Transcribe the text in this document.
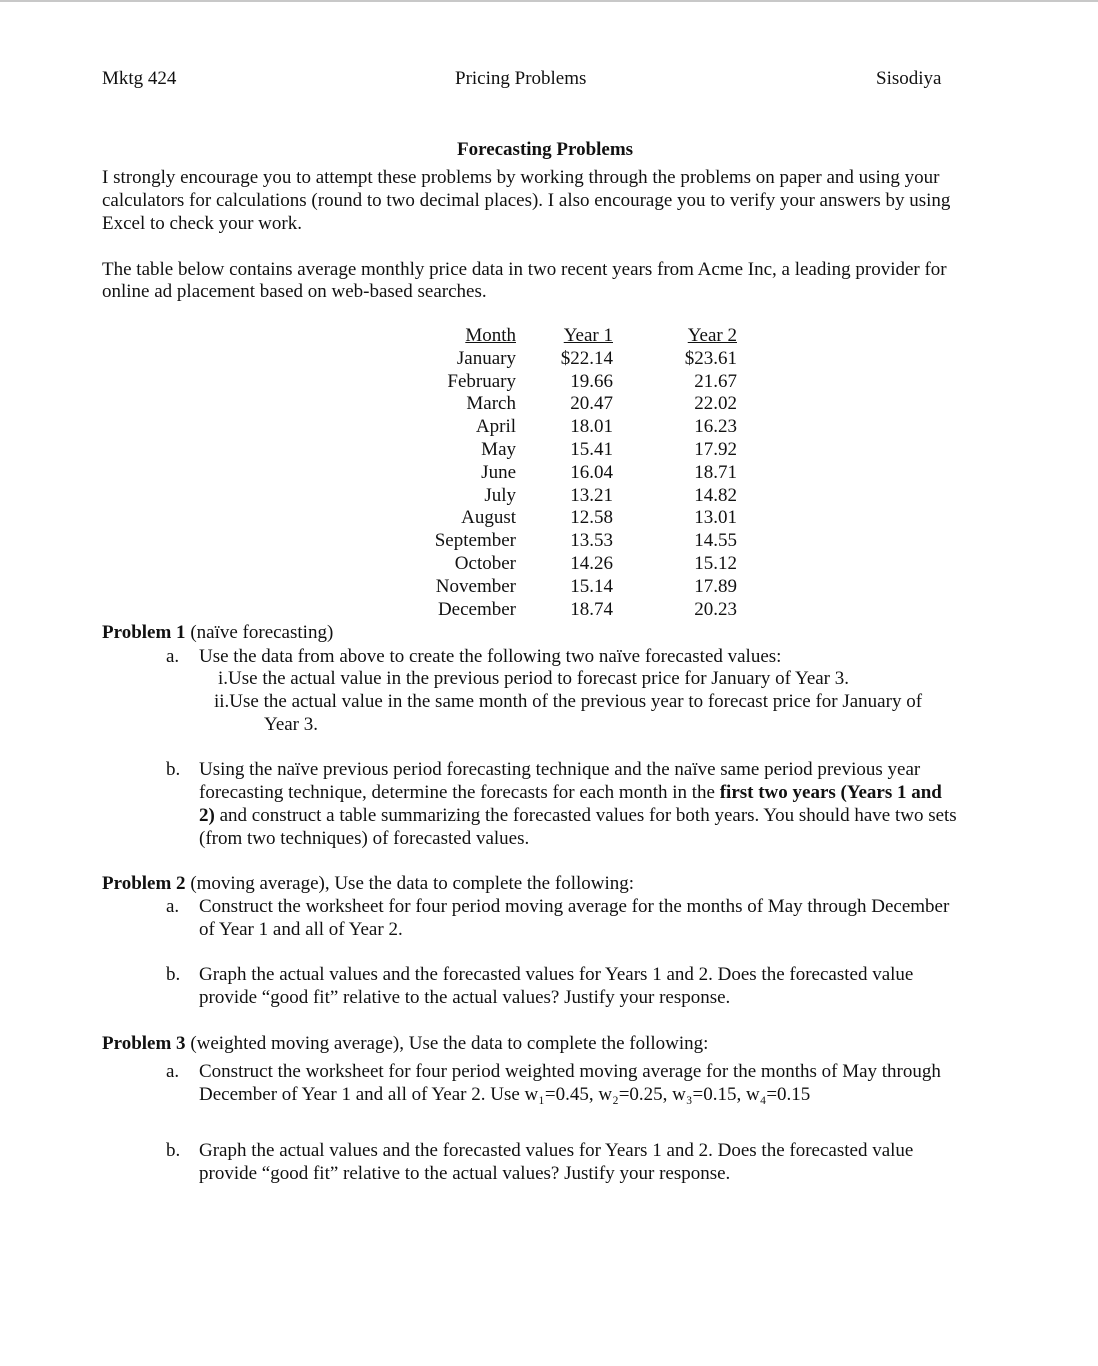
Mktg 424	Pricing Problems	Sisodiya
Forecasting Problems
I strongly encourage you to attempt these problems by working through the problems on paper and using your
calculators for calculations (round to two decimal places). I also encourage you to verify your answers by using
Excel to check your work.
The table below contains average monthly price data in two recent years from Acme Inc, a leading provider for
online ad placement based on web-based searches.
Month	Year 1	Year 2
January	$22.14	$23.61
February	19.66	21.67
March	20.47	22.02
April	18.01	16.23
May	15.41	17.92
June	16.04	18.71
July	13.21	14.82
August	12.58	13.01
September	13.53	14.55
October	14.26	15.12
November	15.14	17.89
December	18.74	20.23
Problem 1 (naïve forecasting)
a. Use the data from above to create the following two naïve forecasted values:
i.Use the actual value in the previous period to forecast price for January of Year 3.
ii.Use the actual value in the same month of the previous year to forecast price for January of
Year 3.
b. Using the naïve previous period forecasting technique and the naïve same period previous year
forecasting technique, determine the forecasts for each month in the first two years (Years 1 and
2) and construct a table summarizing the forecasted values for both years. You should have two sets
(from two techniques) of forecasted values.
Problem 2 (moving average), Use the data to complete the following:
a. Construct the worksheet for four period moving average for the months of May through December
of Year 1 and all of Year 2.
b. Graph the actual values and the forecasted values for Years 1 and 2. Does the forecasted value
provide “good fit” relative to the actual values? Justify your response.
Problem 3 (weighted moving average), Use the data to complete the following:
a. Construct the worksheet for four period weighted moving average for the months of May through
December of Year 1 and all of Year 2. Use w₁=0.45, w₂=0.25, w₃=0.15, w₄=0.15
b. Graph the actual values and the forecasted values for Years 1 and 2. Does the forecasted value
provide “good fit” relative to the actual values? Justify your response.
